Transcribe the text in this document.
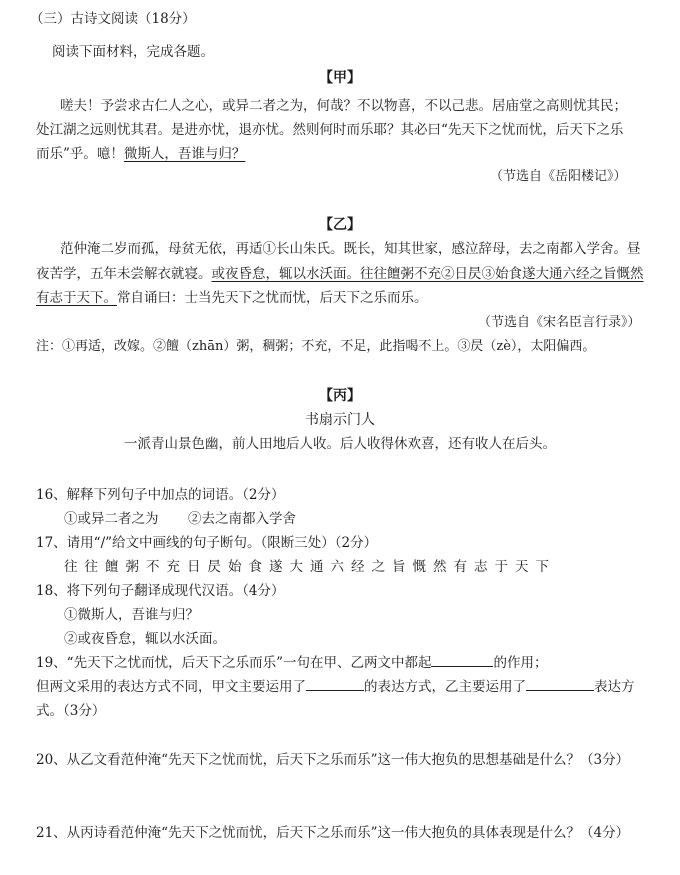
（三）古诗文阅读（18分）
阅读下面材料，完成各题。
【甲】
嗟夫！予尝求古仁人之心，或异二者之为，何哉？不以物喜，不以己悲。居庙堂之高则忧其民；
处江湖之远则忧其君。是进亦忧，退亦忧。然则何时而乐耶？其必曰“先天下之忧而忧，后天下之乐
而乐”乎。噫！微斯人，吾谁与归？
（节选自《岳阳楼记》）
【乙】
范仲淹二岁而孤，母贫无依，再适①长山朱氏。既长，知其世家，感泣辞母，去之南都入学舍。昼
夜苦学，五年未尝解衣就寝。或夜昏怠，辄以水沃面。往往饘粥不充②日昃③始食遂大通六经之旨慨然
有志于天下。常自诵曰：士当先天下之忧而忧，后天下之乐而乐。
（节选自《宋名臣言行录》）
注：①再适，改嫁。②饘（zhān）粥，稠粥；不充，不足，此指喝不上。③昃（zè），太阳偏西。
【丙】
书扇示门人
一派青山景色幽，前人田地后人收。后人收得休欢喜，还有收人在后头。
16、解释下列句子中加点的词语。（2分）
①或异二者之为 ②去之南都入学舍
17、请用“/”给文中画线的句子断句。（限断三处）（2分）
往往饘粥不充日昃始食遂大通六经之旨慨然有志于天下
18、将下列句子翻译成现代汉语。（4分）
①微斯人，吾谁与归？
②或夜昏怠，辄以水沃面。
19、“先天下之忧而忧，后天下之乐而乐”一句在甲、乙两文中都起	的作用；
但两文采用的表达方式不同，甲文主要运用了	的表达方式，乙主要运用了	表达方
式。（3分）
20、从乙文看范仲淹“先天下之忧而忧，后天下之乐而乐”这一伟大抱负的思想基础是什么？（3分）
21、从丙诗看范仲淹“先天下之忧而忧，后天下之乐而乐”这一伟大抱负的具体表现是什么？（4分）
